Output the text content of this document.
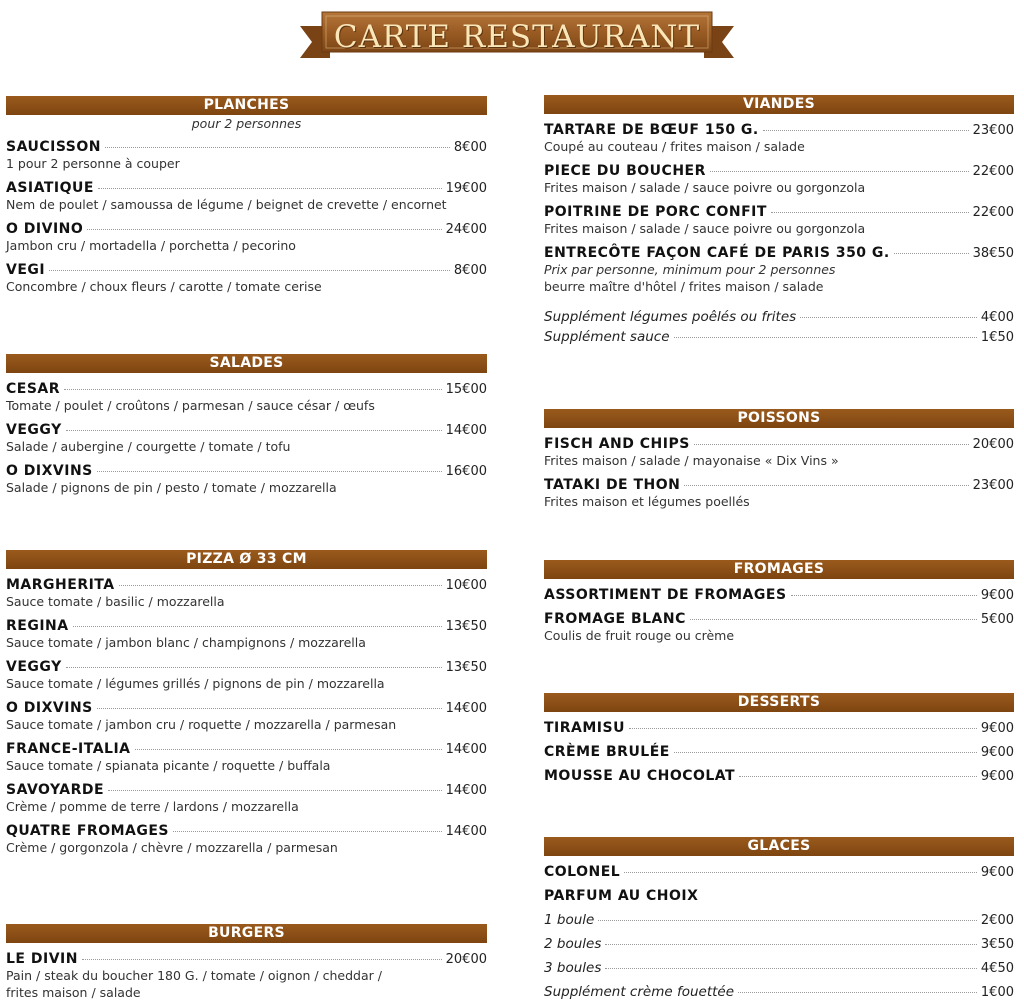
CARTE RESTAURANT
PLANCHES
pour 2 personnes
SAUCISSON	8€00
1 pour 2 personne à couper
ASIATIQUE	19€00
Nem de poulet / samoussa de légume / beignet de crevette / encornet
O DIVINO	24€00
Jambon cru / mortadella / porchetta / pecorino
VEGI	8€00
Concombre / choux fleurs / carotte / tomate cerise
SALADES
CESAR	15€00
Tomate / poulet / croûtons / parmesan / sauce césar / œufs
VEGGY	14€00
Salade / aubergine / courgette / tomate / tofu
O DIXVINS	16€00
Salade / pignons de pin / pesto / tomate / mozzarella
PIZZA Ø 33 CM
MARGHERITA	10€00
Sauce tomate / basilic / mozzarella
REGINA	13€50
Sauce tomate / jambon blanc / champignons / mozzarella
VEGGY	13€50
Sauce tomate / légumes grillés / pignons de pin / mozzarella
O DIXVINS	14€00
Sauce tomate / jambon cru / roquette / mozzarella / parmesan
FRANCE-ITALIA	14€00
Sauce tomate / spianata picante / roquette / buffala
SAVOYARDE	14€00
Crème / pomme de terre / lardons / mozzarella
QUATRE FROMAGES	14€00
Crème / gorgonzola / chèvre / mozzarella / parmesan
BURGERS
LE DIVIN	20€00
Pain / steak du boucher 180 G. / tomate / oignon / cheddar /
frites maison / salade
VIANDES
TARTARE DE BŒUF 150 G.	23€00
Coupé au couteau / frites maison / salade
PIECE DU BOUCHER	22€00
Frites maison / salade / sauce poivre ou gorgonzola
POITRINE DE PORC CONFIT	22€00
Frites maison / salade / sauce poivre ou gorgonzola
ENTRECÔTE FAÇON CAFÉ DE PARIS 350 G.	38€50
Prix par personne, minimum pour 2 personnes
beurre maître d'hôtel / frites maison / salade
Supplément légumes poêlés ou frites	4€00
Supplément sauce	1€50
POISSONS
FISCH AND CHIPS	20€00
Frites maison / salade / mayonaise « Dix Vins »
TATAKI DE THON	23€00
Frites maison et légumes poellés
FROMAGES
ASSORTIMENT DE FROMAGES	9€00
FROMAGE BLANC	5€00
Coulis de fruit rouge ou crème
DESSERTS
TIRAMISU	9€00
CRÈME BRULÉE	9€00
MOUSSE AU CHOCOLAT	9€00
GLACES
COLONEL	9€00
PARFUM AU CHOIX
1 boule	2€00
2 boules	3€50
3 boules	4€50
Supplément crème fouettée	1€00
